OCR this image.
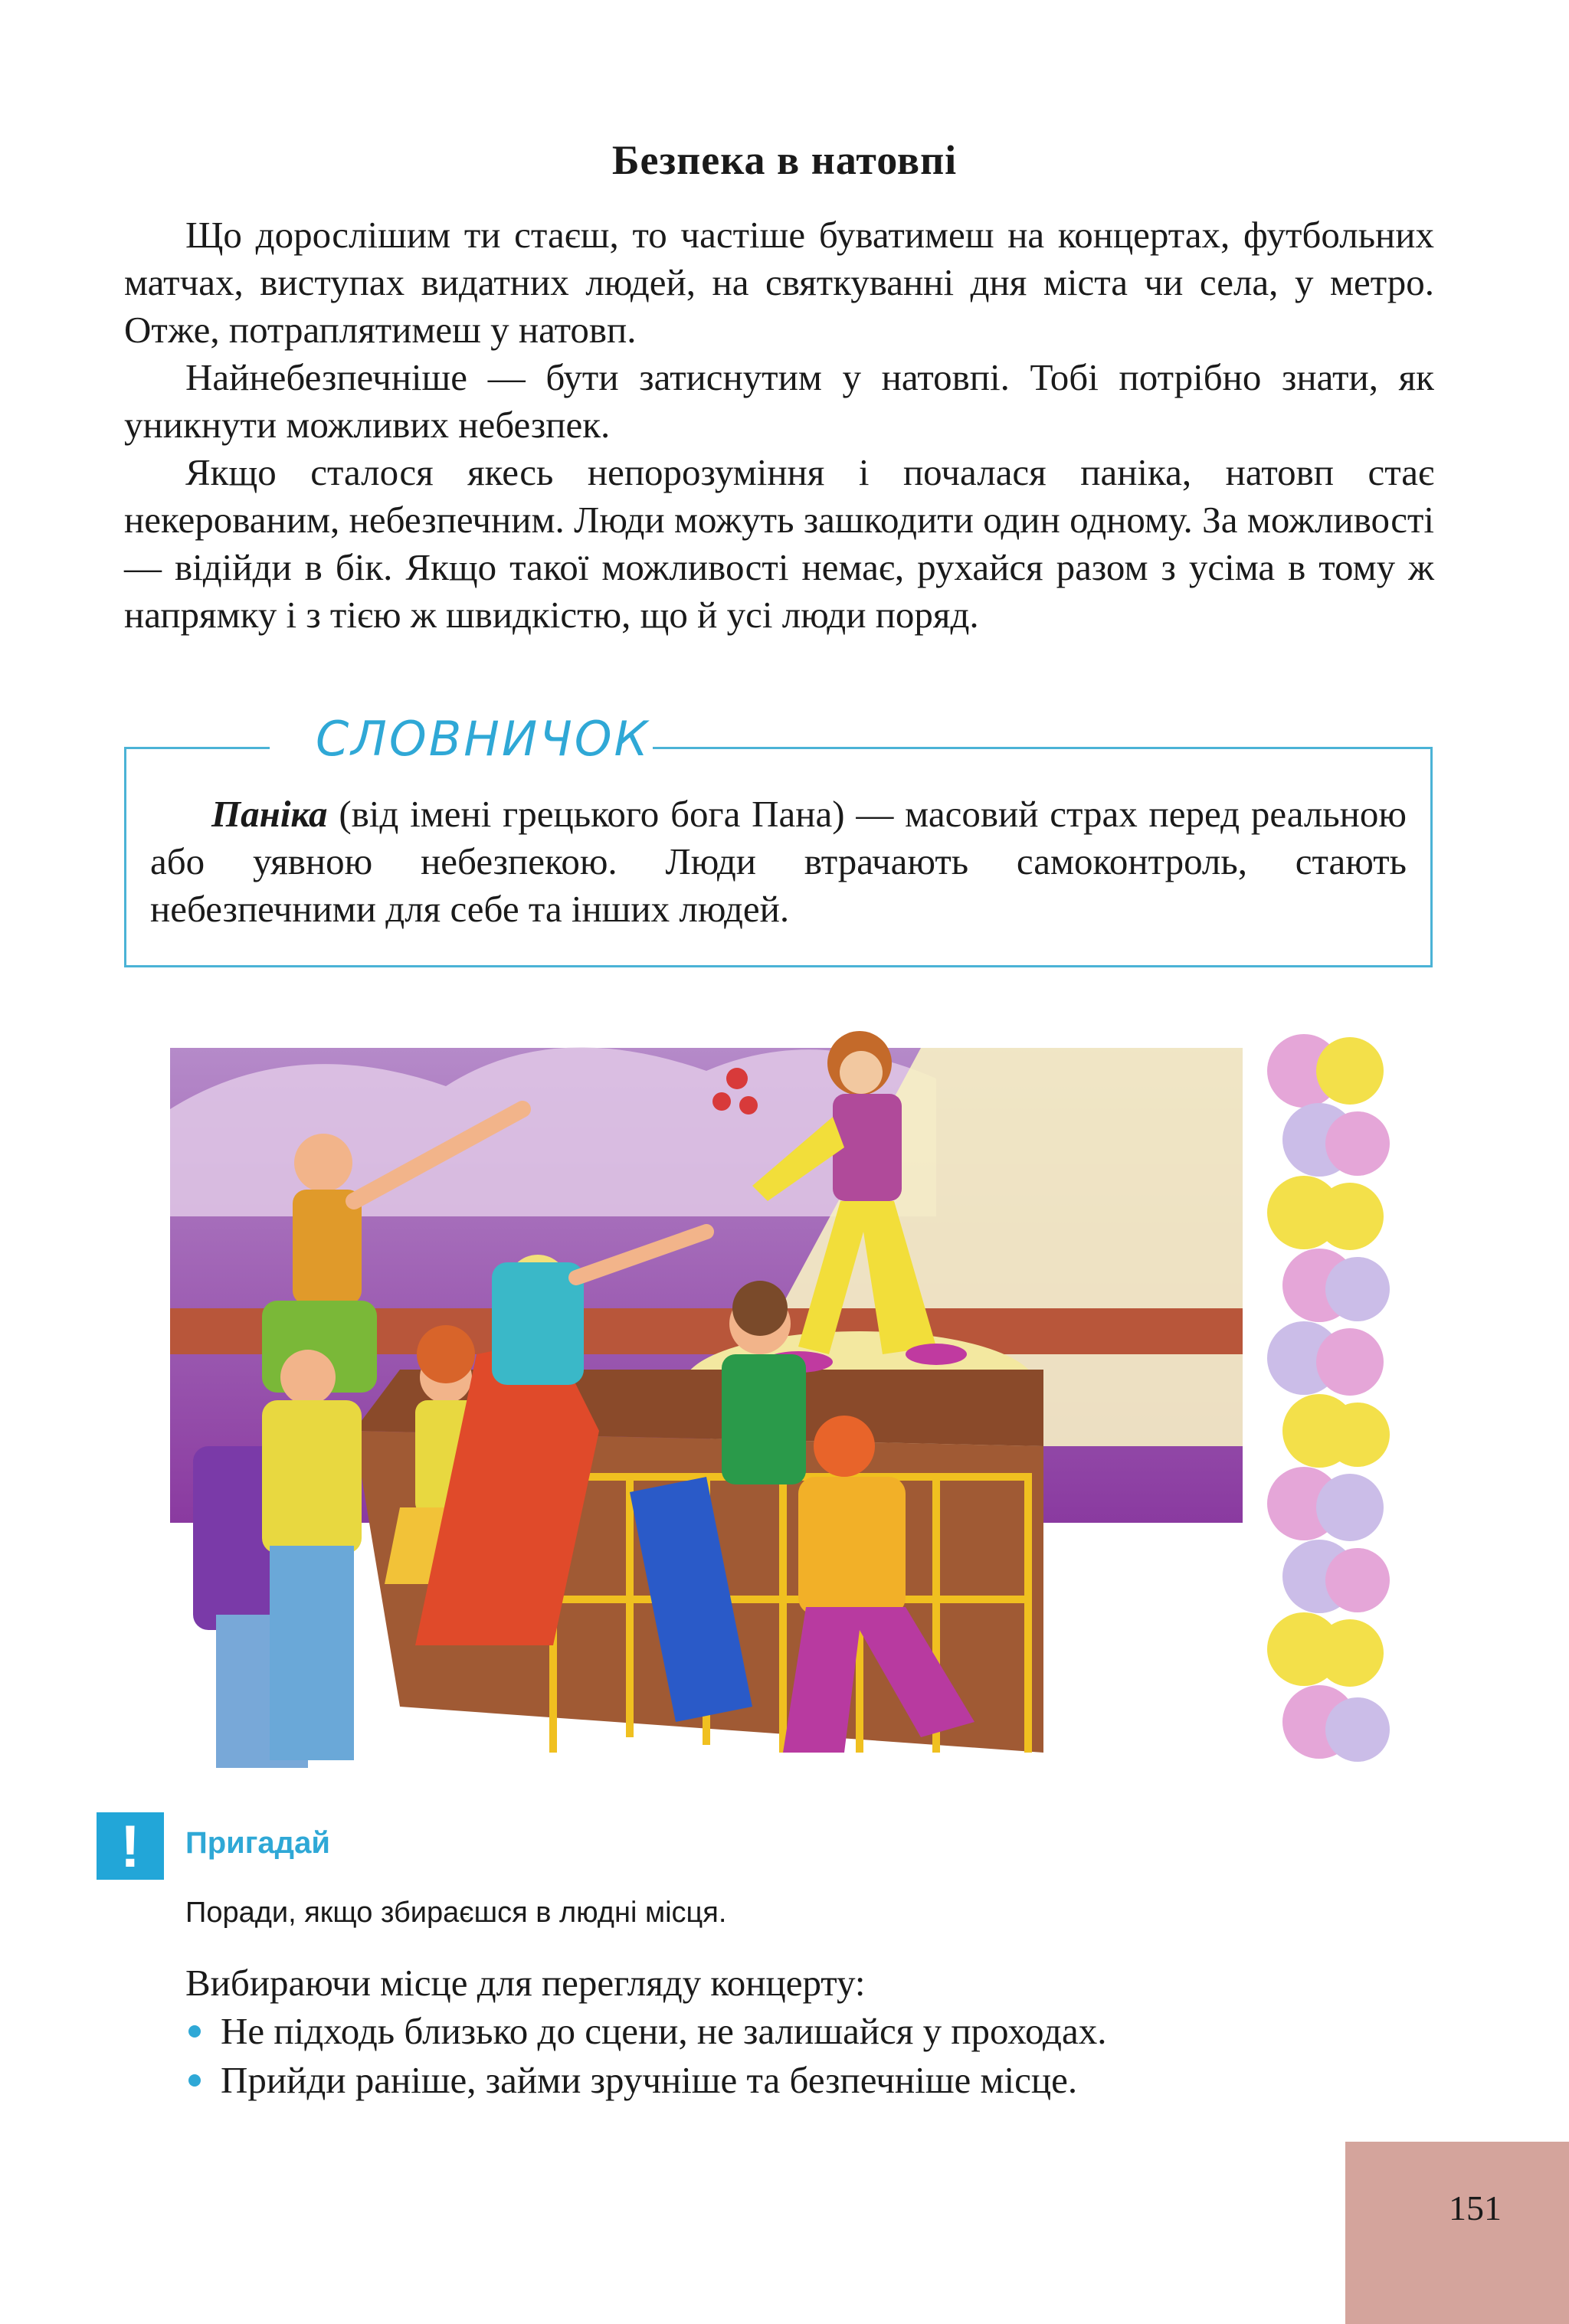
Безпека в натовпі

Що дорослішим ти стаєш, то частіше буватимеш на концертах, футбольних матчах, виступах видатних людей, на святкуванні дня міста чи села, у метро. Отже, потраплятимеш у натовп.

Найнебезпечніше — бути затиснутим у натовпі. Тобі потрібно знати, як уникнути можливих небезпек.

Якщо сталося якесь непорозуміння і почалася паніка, натовп стає некерованим, небезпечним. Люди можуть зашкодити один одному. За можливості — відійди в бік. Якщо такої можливості немає, рухайся разом з усіма в тому ж напрямку і з тією ж швидкістю, що й усі люди поряд.

СЛОВНИЧОК

Паніка (від імені грецького бога Пана) — масовий страх перед реальною або уявною небезпекою. Люди втрачають самоконтроль, стають небезпечними для себе та інших людей.

!	Пригадай
Поради, якщо збираєшся в людні місця.
Вибираючи місце для перегляду концерту:
Не підходь близько до сцени, не залишайся у проходах.
Прийди раніше, займи зручніше та безпечніше місце.
151
